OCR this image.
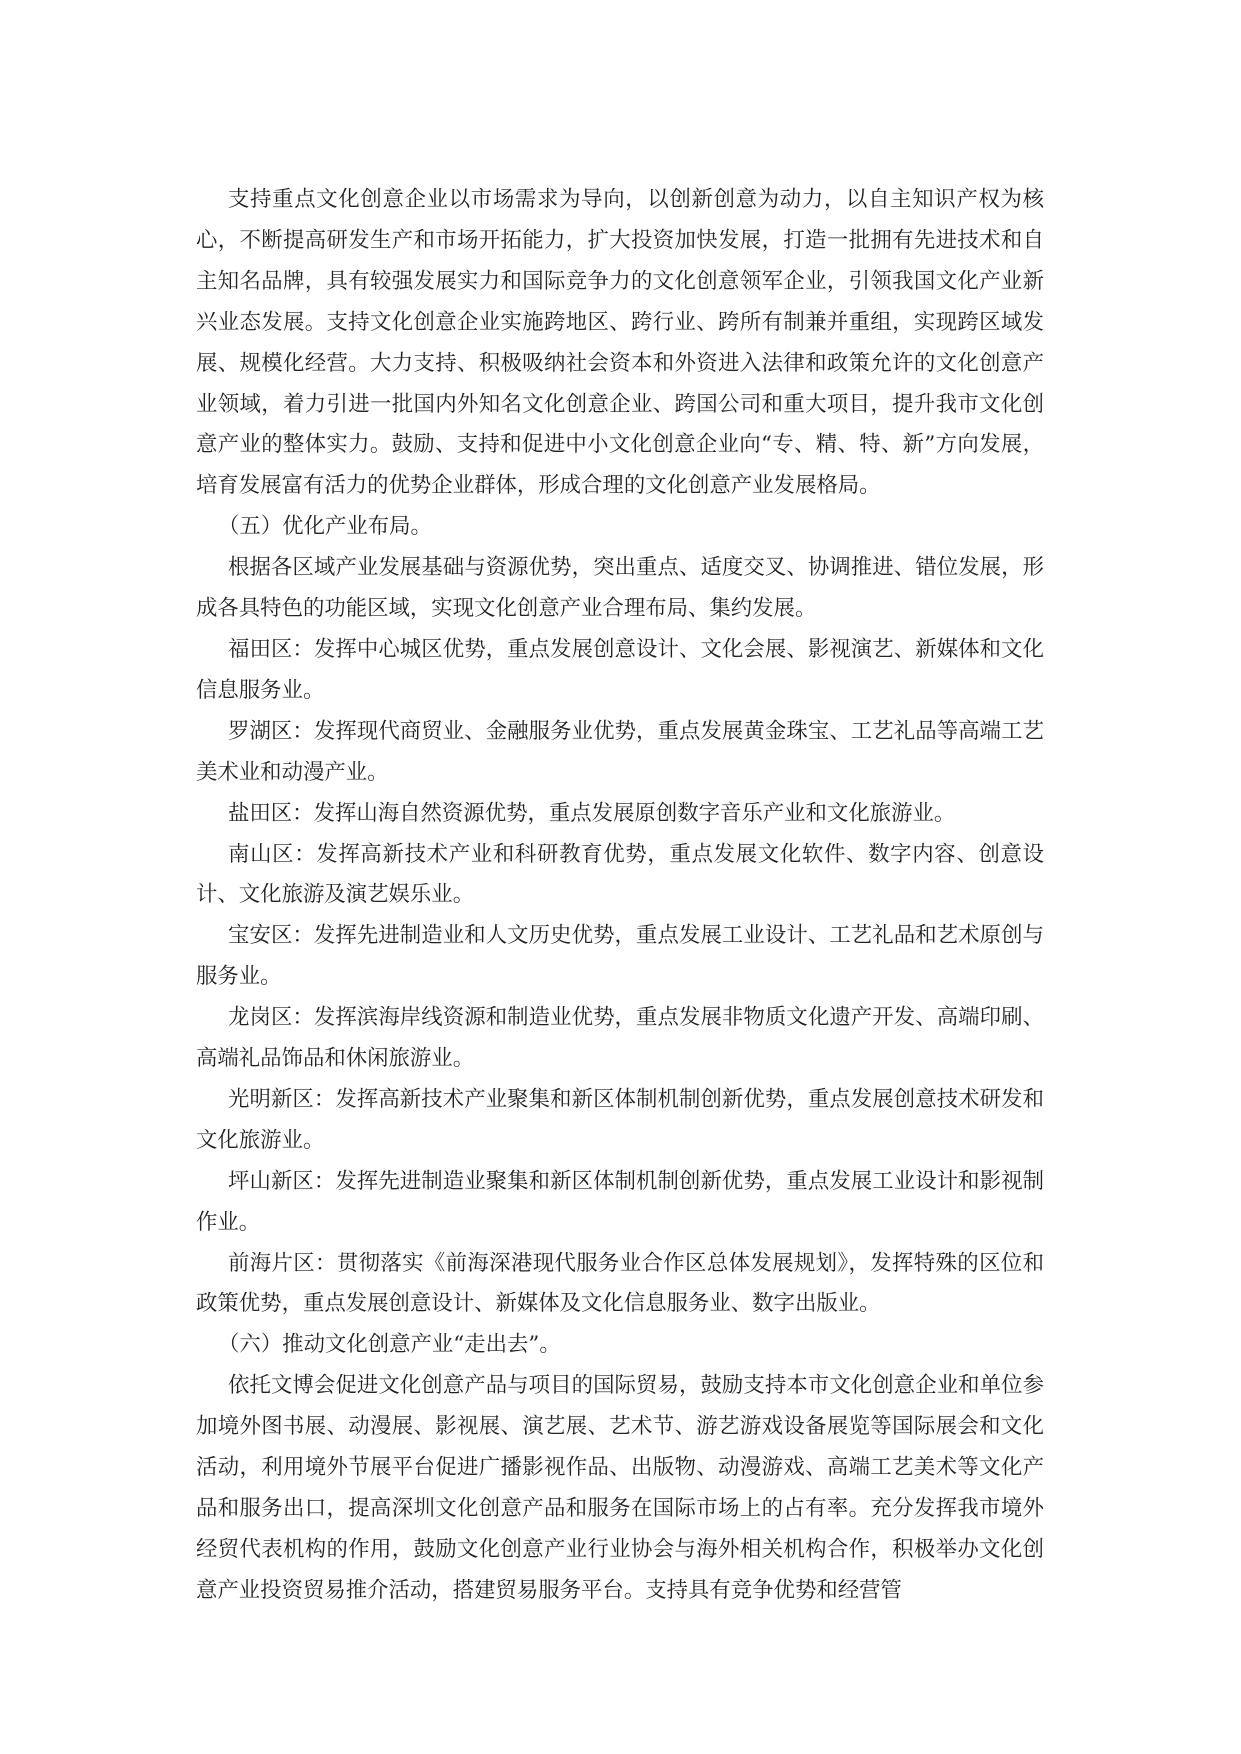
支持重点文化创意企业以市场需求为导向，以创新创意为动力，以自主知识产权为核心，不断提高研发生产和市场开拓能力，扩大投资加快发展，打造一批拥有先进技术和自主知名品牌，具有较强发展实力和国际竞争力的文化创意领军企业，引领我国文化产业新兴业态发展。支持文化创意企业实施跨地区、跨行业、跨所有制兼并重组，实现跨区域发展、规模化经营。大力支持、积极吸纳社会资本和外资进入法律和政策允许的文化创意产业领域，着力引进一批国内外知名文化创意企业、跨国公司和重大项目，提升我市文化创意产业的整体实力。鼓励、支持和促进中小文化创意企业向“专、精、特、新”方向发展，培育发展富有活力的优势企业群体，形成合理的文化创意产业发展格局。

（五）优化产业布局。

根据各区域产业发展基础与资源优势，突出重点、适度交叉、协调推进、错位发展，形成各具特色的功能区域，实现文化创意产业合理布局、集约发展。

福田区：发挥中心城区优势，重点发展创意设计、文化会展、影视演艺、新媒体和文化信息服务业。

罗湖区：发挥现代商贸业、金融服务业优势，重点发展黄金珠宝、工艺礼品等高端工艺美术业和动漫产业。

盐田区：发挥山海自然资源优势，重点发展原创数字音乐产业和文化旅游业。

南山区：发挥高新技术产业和科研教育优势，重点发展文化软件、数字内容、创意设计、文化旅游及演艺娱乐业。

宝安区：发挥先进制造业和人文历史优势，重点发展工业设计、工艺礼品和艺术原创与服务业。

龙岗区：发挥滨海岸线资源和制造业优势，重点发展非物质文化遗产开发、高端印刷、高端礼品饰品和休闲旅游业。

光明新区：发挥高新技术产业聚集和新区体制机制创新优势，重点发展创意技术研发和文化旅游业。

坪山新区：发挥先进制造业聚集和新区体制机制创新优势，重点发展工业设计和影视制作业。

前海片区：贯彻落实《前海深港现代服务业合作区总体发展规划》，发挥特殊的区位和政策优势，重点发展创意设计、新媒体及文化信息服务业、数字出版业。

（六）推动文化创意产业“走出去”。

依托文博会促进文化创意产品与项目的国际贸易，鼓励支持本市文化创意企业和单位参加境外图书展、动漫展、影视展、演艺展、艺术节、游艺游戏设备展览等国际展会和文化活动，利用境外节展平台促进广播影视作品、出版物、动漫游戏、高端工艺美术等文化产品和服务出口，提高深圳文化创意产品和服务在国际市场上的占有率。充分发挥我市境外经贸代表机构的作用，鼓励文化创意产业行业协会与海外相关机构合作，积极举办文化创意产业投资贸易推介活动，搭建贸易服务平台。支持具有竞争优势和经营管
